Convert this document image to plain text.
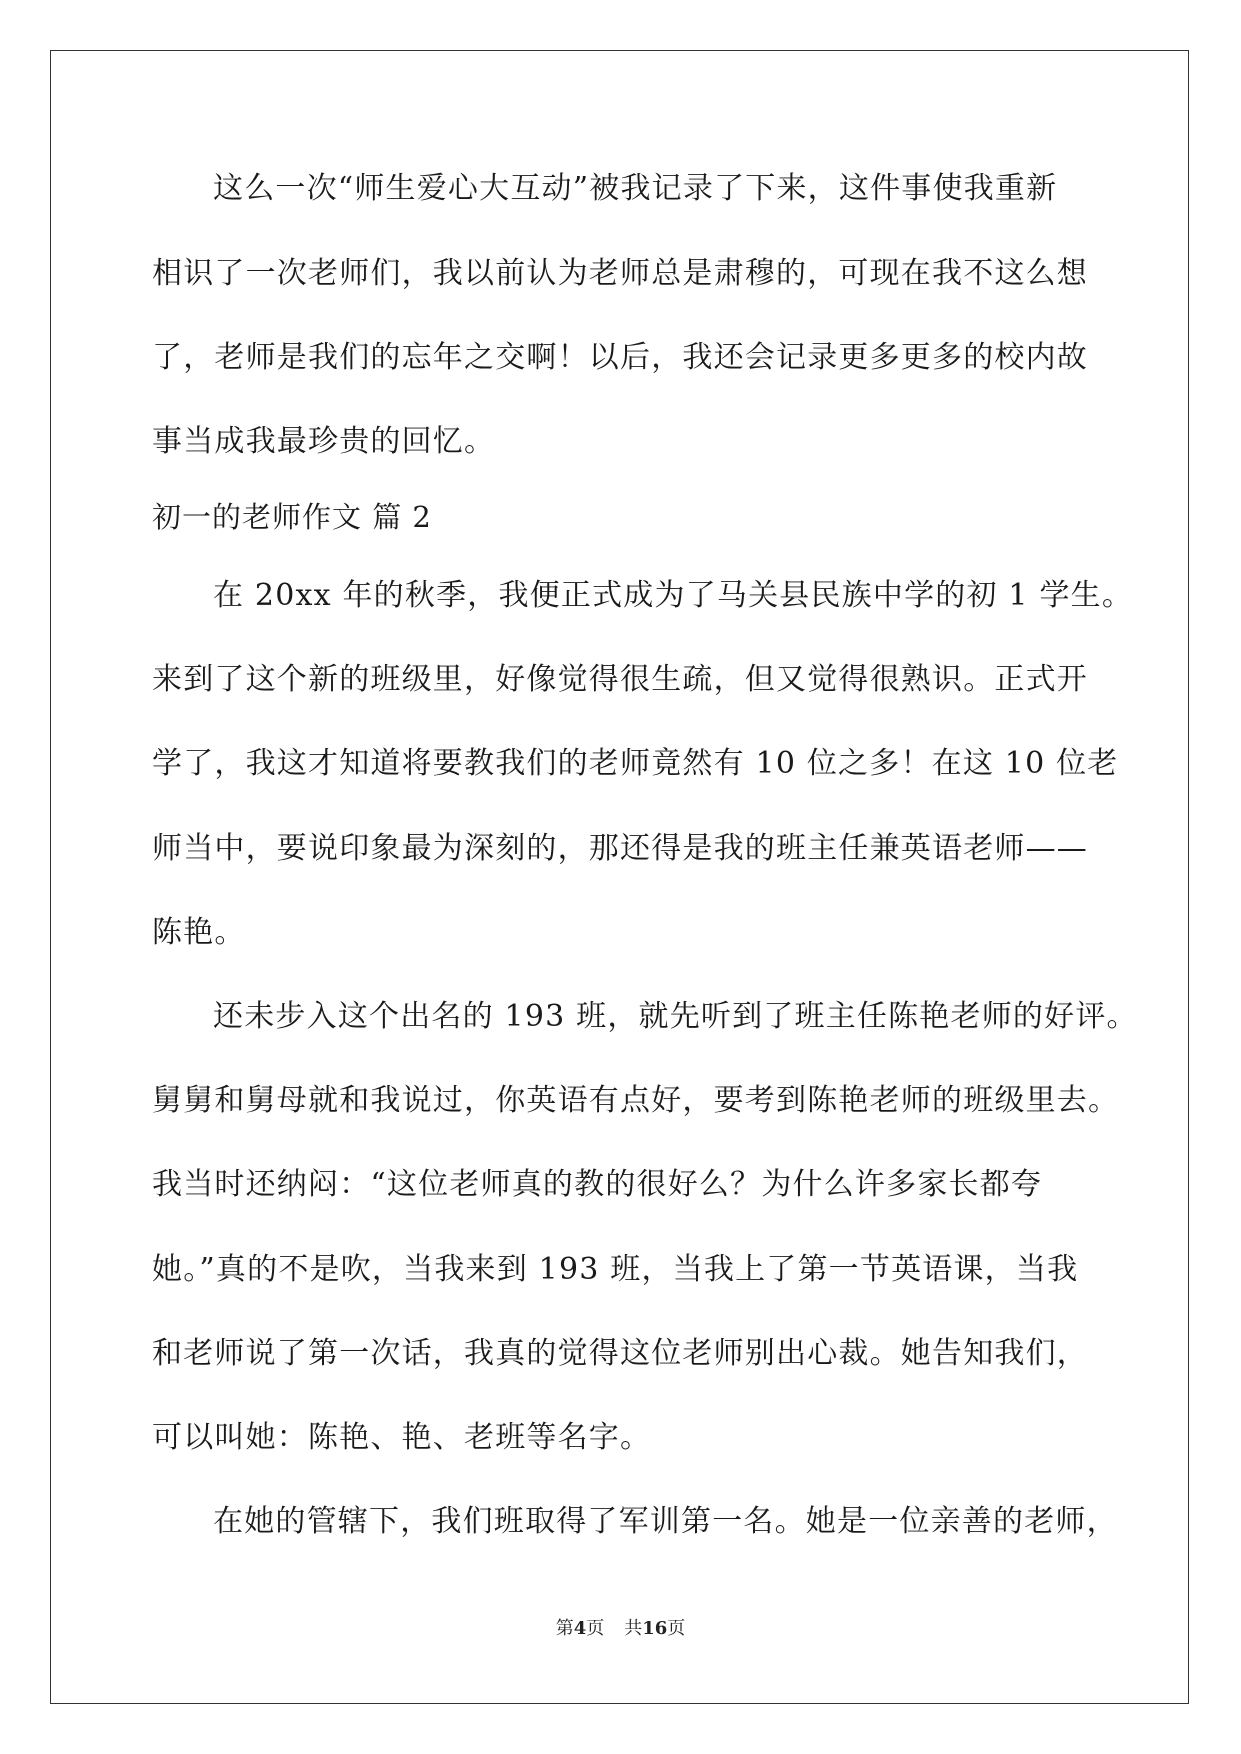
这么一次“师生爱心大互动”被我记录了下来，这件事使我重新
相识了一次老师们，我以前认为老师总是肃穆的，可现在我不这么想
了，老师是我们的忘年之交啊！以后，我还会记录更多更多的校内故
事当成我最珍贵的回忆。
初一的老师作文 篇 2
在 20xx 年的秋季，我便正式成为了马关县民族中学的初 1 学生。
来到了这个新的班级里，好像觉得很生疏，但又觉得很熟识。正式开
学了，我这才知道将要教我们的老师竟然有 10 位之多！在这 10 位老
师当中，要说印象最为深刻的，那还得是我的班主任兼英语老师——
陈艳。
还未步入这个出名的 193 班，就先听到了班主任陈艳老师的好评。
舅舅和舅母就和我说过，你英语有点好，要考到陈艳老师的班级里去。
我当时还纳闷：“这位老师真的教的很好么？为什么许多家长都夸
她。”真的不是吹，当我来到 193 班，当我上了第一节英语课，当我
和老师说了第一次话，我真的觉得这位老师别出心裁。她告知我们，
可以叫她：陈艳、艳、老班等名字。
在她的管辖下，我们班取得了军训第一名。她是一位亲善的老师，
第4页 共16页
